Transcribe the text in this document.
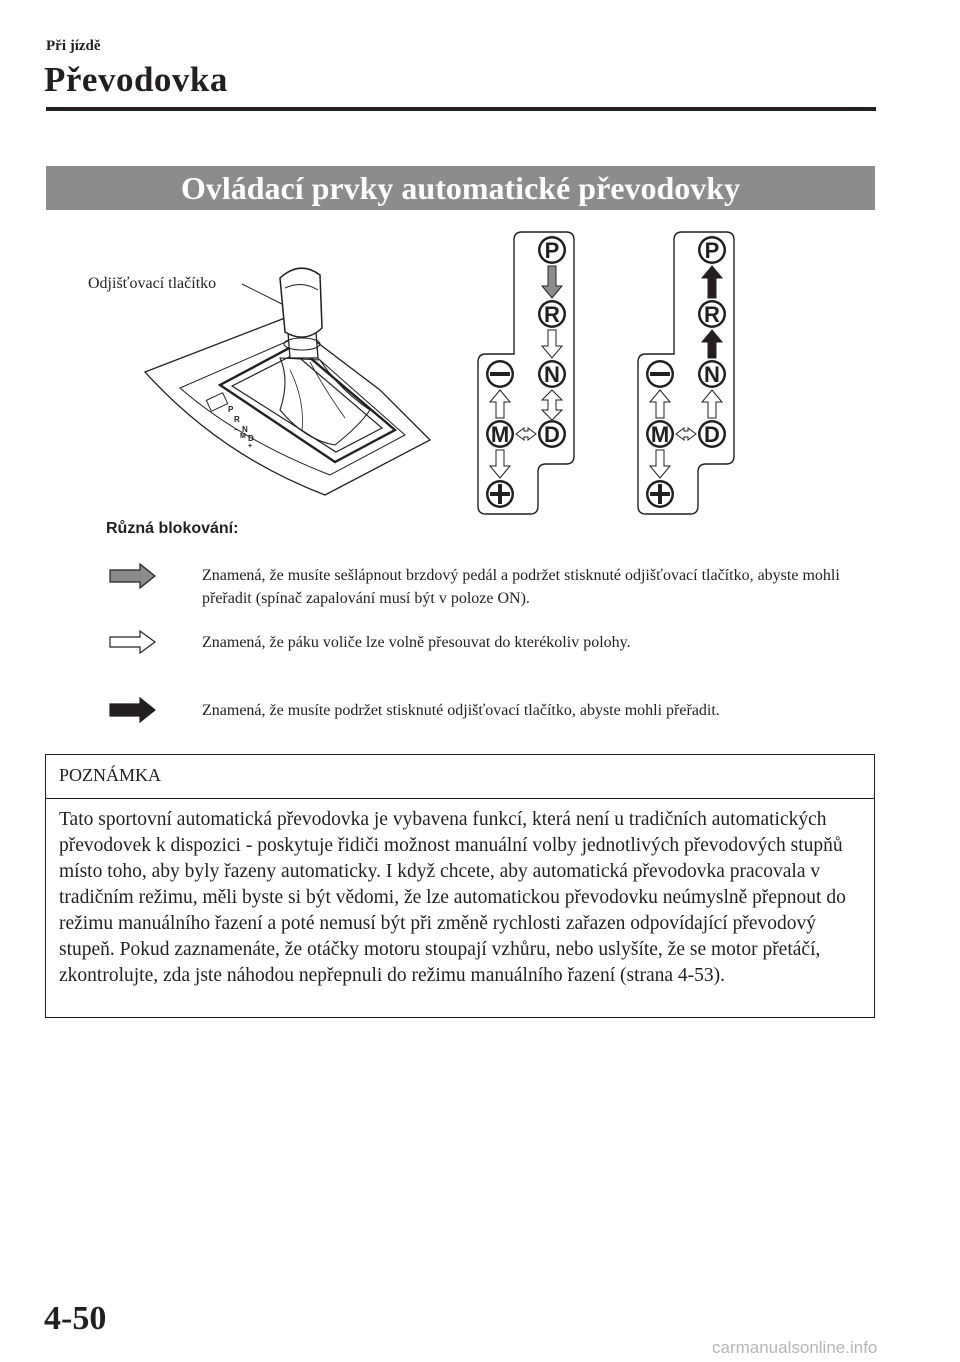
Při jízdě
Převodovka
Ovládací prvky automatické převodovky
Odjišťovací tlačítko
P
R
N
D
M
+
−
P
R
N
D
M
P
R
N
D
M
Různá blokování:
Znamená, že musíte sešlápnout brzdový pedál a podržet stisknuté odjišťovací tlačítko, abyste mohli přeřadit (spínač zapalování musí být v poloze ON).
Znamená, že páku voliče lze volně přesouvat do kterékoliv polohy.
Znamená, že musíte podržet stisknuté odjišťovací tlačítko, abyste mohli přeřadit.
POZNÁMKA
Tato sportovní automatická převodovka je vybavena funkcí, která není u tradičních automatických převodovek k dispozici - poskytuje řidiči možnost manuální volby jednotlivých převodových stupňů místo toho, aby byly řazeny automaticky. I když chcete, aby automatická převodovka pracovala v tradičním režimu, měli byste si být vědomi, že lze automatickou převodovku neúmyslně přepnout do režimu manuálního řazení a poté nemusí být při změně rychlosti zařazen odpovídající převodový stupeň. Pokud zaznamenáte, že otáčky motoru stoupají vzhůru, nebo uslyšíte, že se motor přetáčí, zkontrolujte, zda jste náhodou nepřepnuli do režimu manuálního řazení (strana 4-53).
4-50
carmanualsonline.info
